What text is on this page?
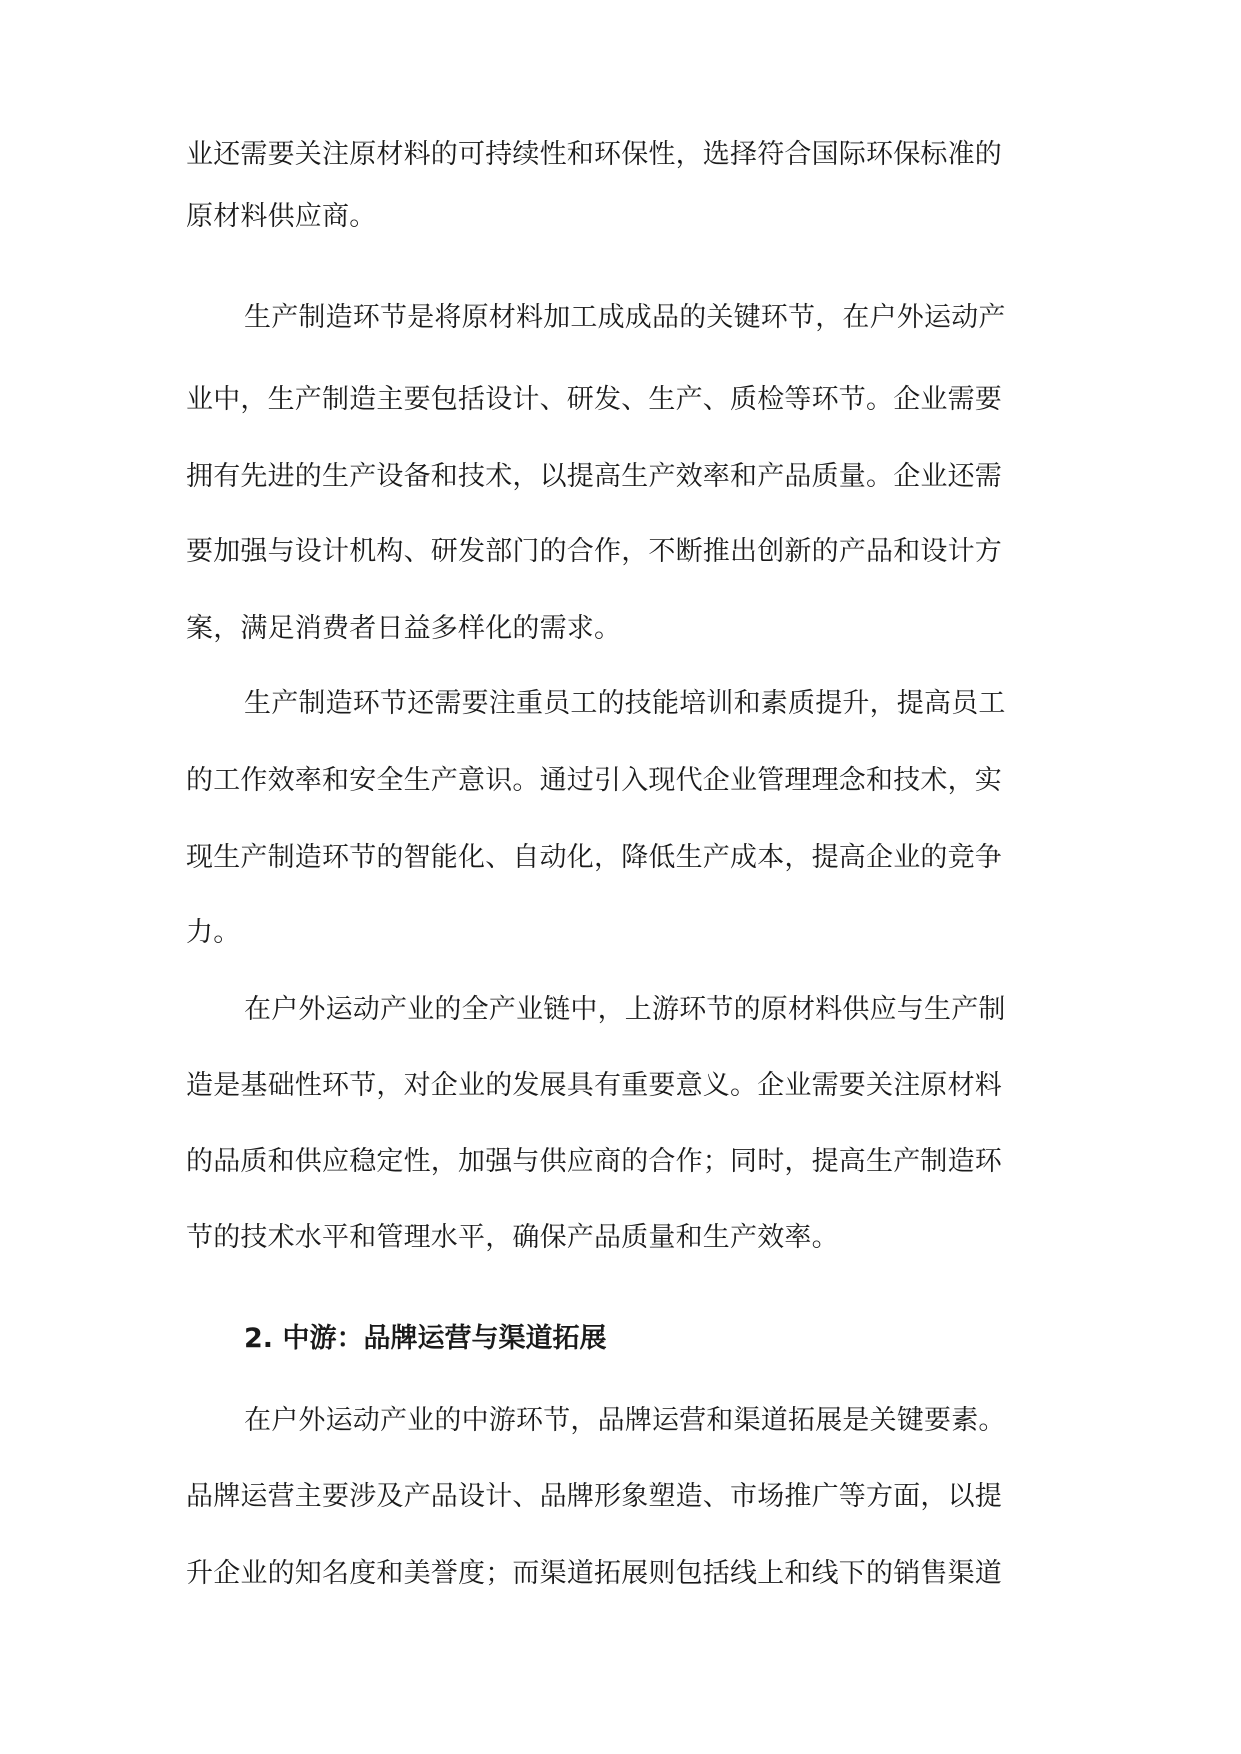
业还需要关注原材料的可持续性和环保性，选择符合国际环保标准的
原材料供应商。
生产制造环节是将原材料加工成成品的关键环节，在户外运动产
业中，生产制造主要包括设计、研发、生产、质检等环节。企业需要
拥有先进的生产设备和技术，以提高生产效率和产品质量。企业还需
要加强与设计机构、研发部门的合作，不断推出创新的产品和设计方
案，满足消费者日益多样化的需求。
生产制造环节还需要注重员工的技能培训和素质提升，提高员工
的工作效率和安全生产意识。通过引入现代企业管理理念和技术，实
现生产制造环节的智能化、自动化，降低生产成本，提高企业的竞争
力。
在户外运动产业的全产业链中，上游环节的原材料供应与生产制
造是基础性环节，对企业的发展具有重要意义。企业需要关注原材料
的品质和供应稳定性，加强与供应商的合作；同时，提高生产制造环
节的技术水平和管理水平，确保产品质量和生产效率。
2. 中游：品牌运营与渠道拓展
在户外运动产业的中游环节，品牌运营和渠道拓展是关键要素。
品牌运营主要涉及产品设计、品牌形象塑造、市场推广等方面，以提
升企业的知名度和美誉度；而渠道拓展则包括线上和线下的销售渠道
